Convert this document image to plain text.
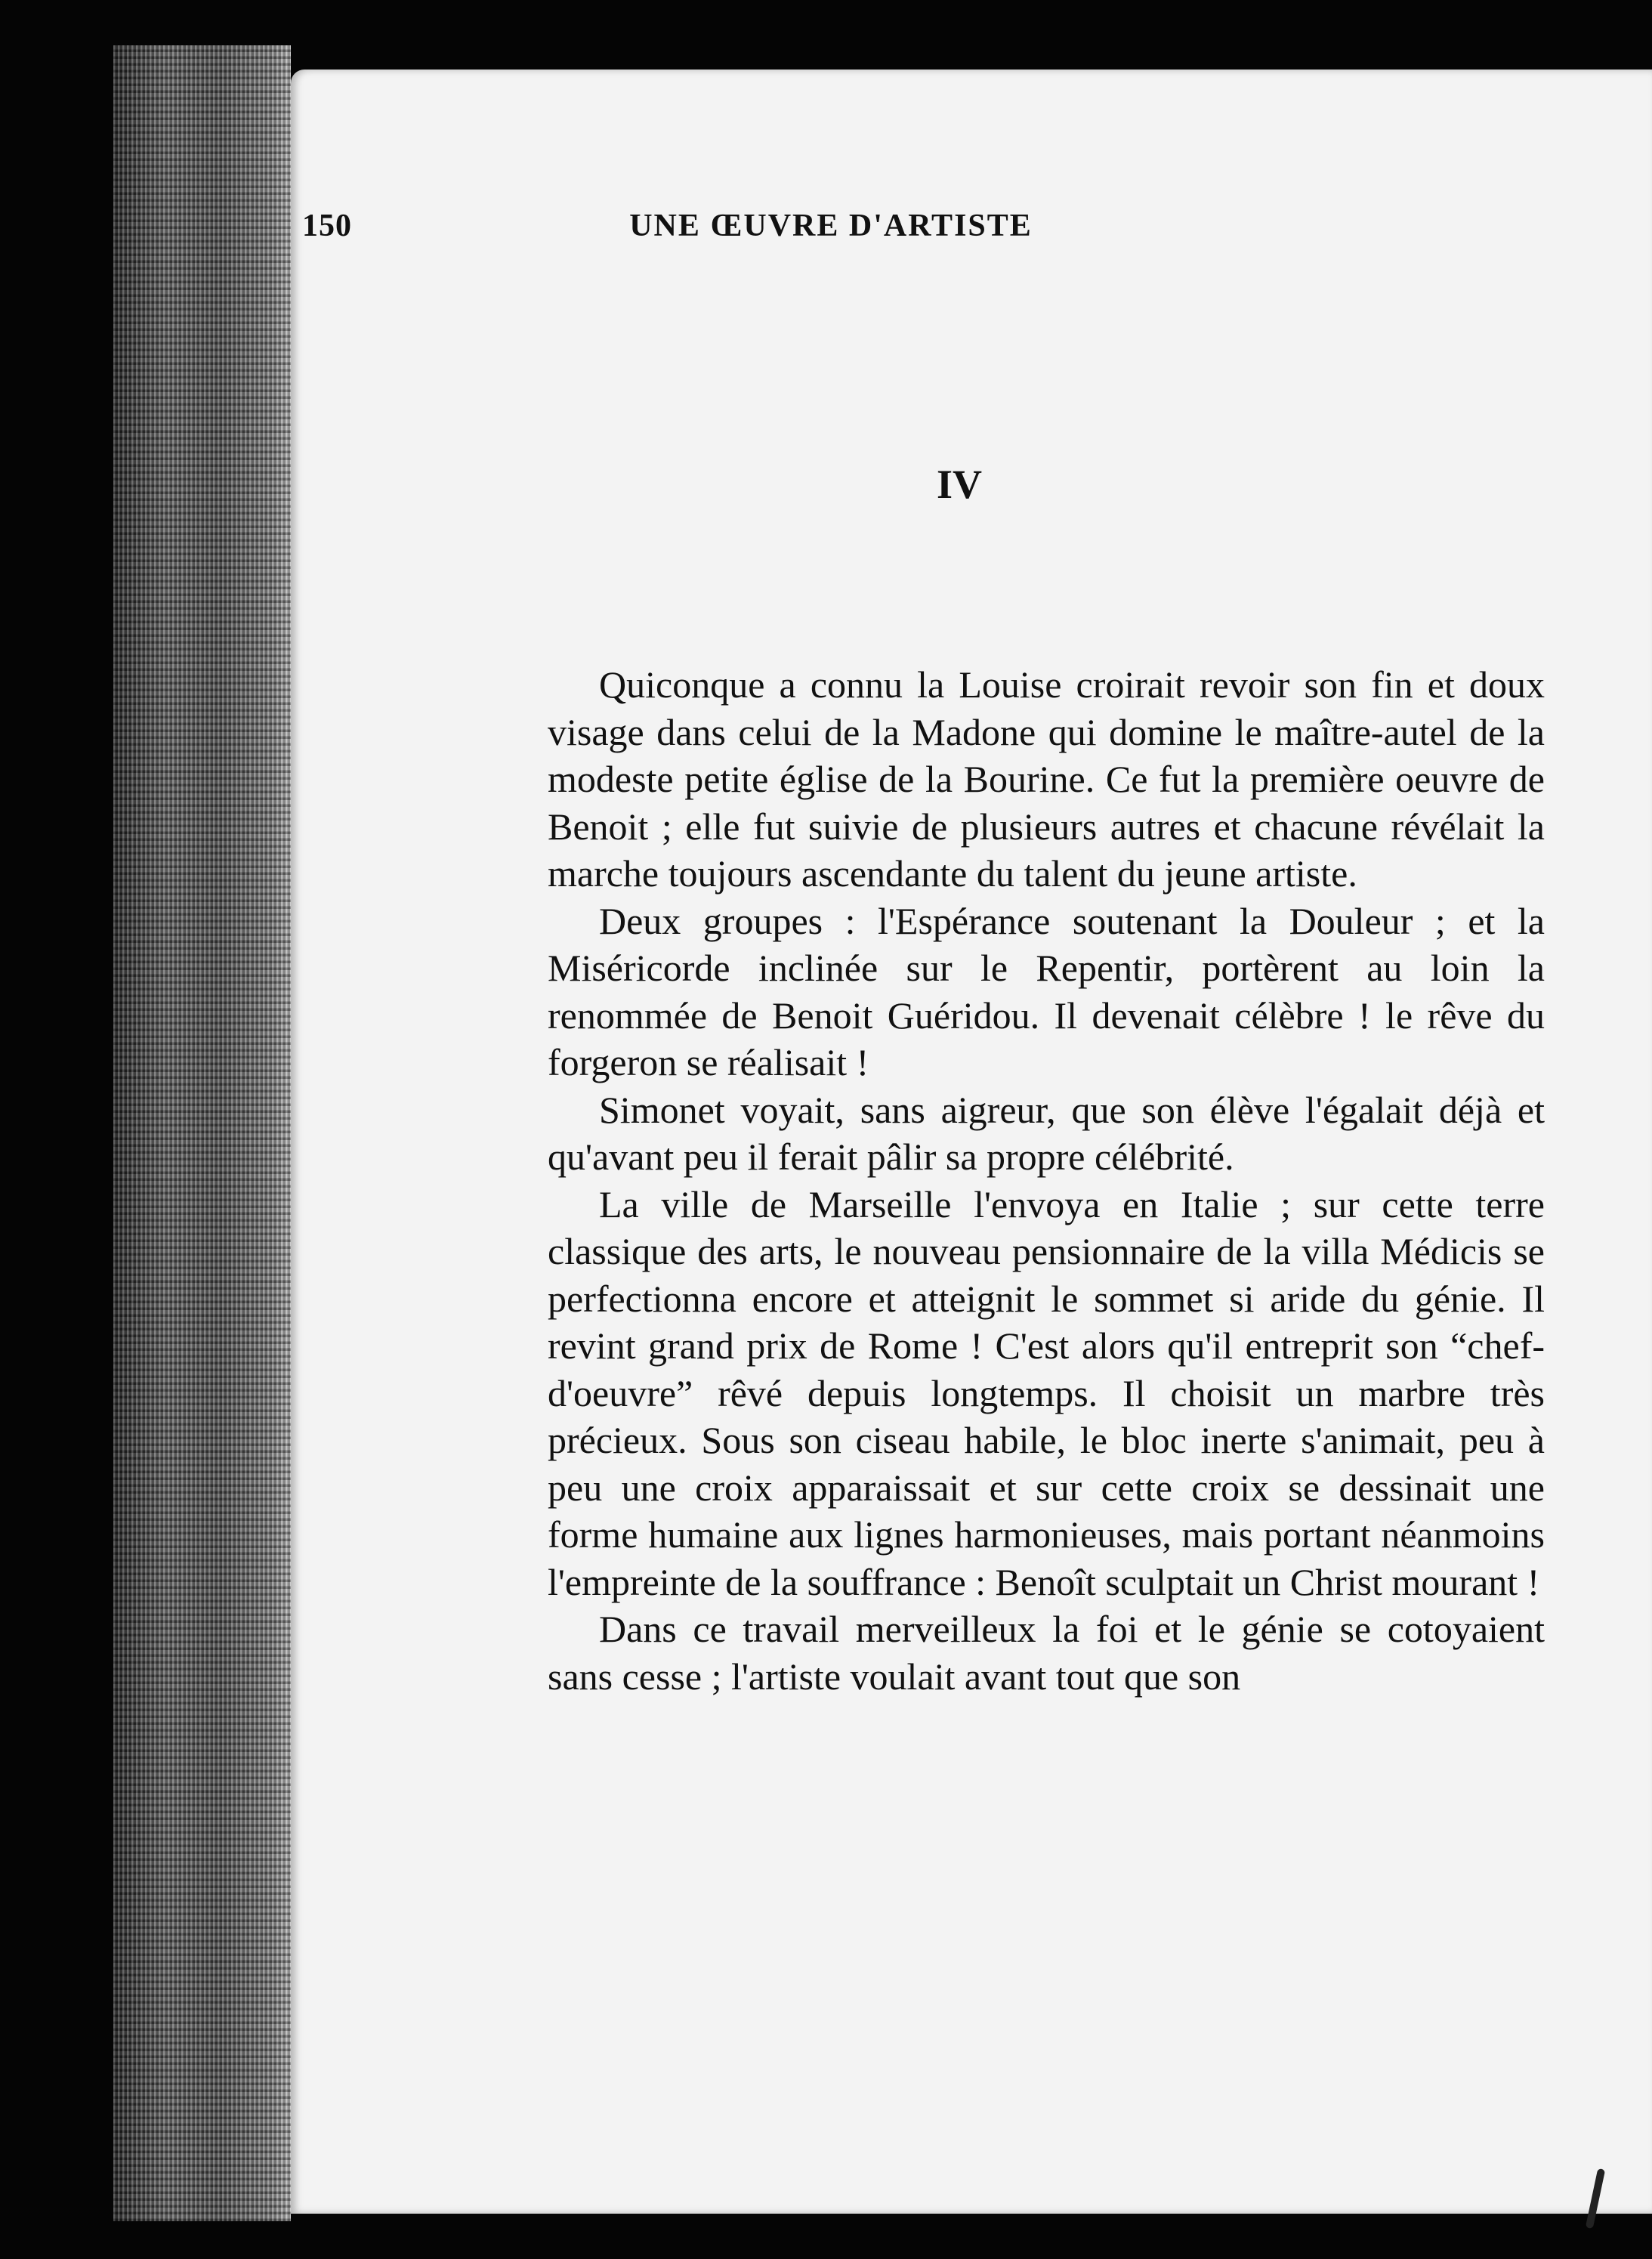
150	UNE ŒUVRE D'ARTISTE
IV

Quiconque a connu la Louise croirait revoir son fin et doux visage dans celui de la Madone qui domine le maître-autel de la modeste petite église de la Bourine. Ce fut la première oeuvre de Benoit ; elle fut suivie de plusieurs autres et chacune révélait la marche toujours ascendante du talent du jeune artiste.

Deux groupes : l'Espérance soutenant la Douleur ; et la Miséricorde inclinée sur le Repentir, portèrent au loin la renommée de Benoit Guéridou. Il devenait célèbre ! le rêve du forgeron se réalisait !

Simonet voyait, sans aigreur, que son élève l'égalait déjà et qu'avant peu il ferait pâlir sa propre célébrité.

La ville de Marseille l'envoya en Italie ; sur cette terre classique des arts, le nouveau pensionnaire de la villa Médicis se perfectionna encore et atteignit le sommet si aride du génie. Il revint grand prix de Rome ! C'est alors qu'il entreprit son “chef-d'oeuvre” rêvé depuis longtemps. Il choisit un marbre très précieux. Sous son ciseau habile, le bloc inerte s'animait, peu à peu une croix apparaissait et sur cette croix se dessinait une forme humaine aux lignes harmonieuses, mais portant néanmoins l'empreinte de la souffrance : Benoît sculptait un Christ mourant !

Dans ce travail merveilleux la foi et le génie se cotoyaient sans cesse ; l'artiste voulait avant tout que son
